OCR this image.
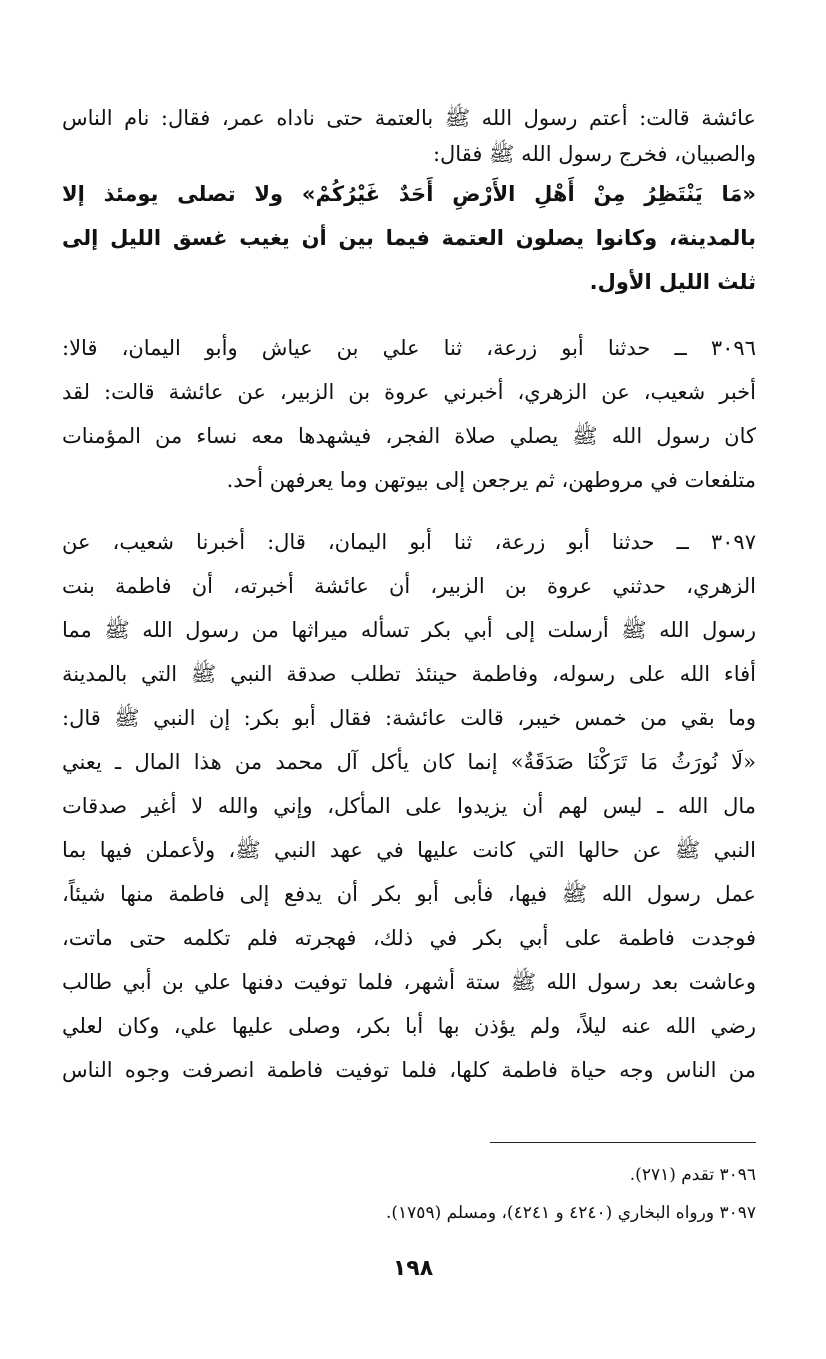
عائشة قالت: أعتم رسول الله ﷺ بالعتمة حتى ناداه عمر، فقال: نام الناس
والصبيان، فخرج رسول الله ﷺ فقال:
«مَا يَنْتَظِرُ مِنْ أَهْلِ الأَرْضِ أَحَدٌ غَيْرُكُمْ» ولا تصلى يومئذ إلا
بالمدينة، وكانوا يصلون العتمة فيما بين أن يغيب غسق الليل إلى
ثلث الليل الأول.
٣٠٩٦ ــ حدثنا أبو زرعة، ثنا علي بن عياش وأبو اليمان، قالا:
أخبر شعيب، عن الزهري، أخبرني عروة بن الزبير، عن عائشة قالت: لقد
كان رسول الله ﷺ يصلي صلاة الفجر، فيشهدها معه نساء من المؤمنات
متلفعات في مروطهن، ثم يرجعن إلى بيوتهن وما يعرفهن أحد.
٣٠٩٧ ــ حدثنا أبو زرعة، ثنا أبو اليمان، قال: أخبرنا شعيب، عن
الزهري، حدثني عروة بن الزبير، أن عائشة أخبرته، أن فاطمة بنت
رسول الله ﷺ أرسلت إلى أبي بكر تسأله ميراثها من رسول الله ﷺ مما
أفاء الله على رسوله، وفاطمة حينئذ تطلب صدقة النبي ﷺ التي بالمدينة
وما بقي من خمس خيبر، قالت عائشة: فقال أبو بكر: إن النبي ﷺ قال:
«لَا نُورَثُ مَا تَرَكْنَا صَدَقَةٌ» إنما كان يأكل آل محمد من هذا المال ـ يعني
مال الله ـ ليس لهم أن يزيدوا على المأكل، وإني والله لا أغير صدقات
النبي ﷺ عن حالها التي كانت عليها في عهد النبي ﷺ، ولأعملن فيها بما
عمل رسول الله ﷺ فيها، فأبى أبو بكر أن يدفع إلى فاطمة منها شيئاً،
فوجدت فاطمة على أبي بكر في ذلك، فهجرته فلم تكلمه حتى ماتت،
وعاشت بعد رسول الله ﷺ ستة أشهر، فلما توفيت دفنها علي بن أبي طالب
رضي الله عنه ليلاً، ولم يؤذن بها أبا بكر، وصلى عليها علي، وكان لعلي
من الناس وجه حياة فاطمة كلها، فلما توفيت فاطمة انصرفت وجوه الناس
٣٠٩٦ تقدم (٢٧١).
٣٠٩٧ ورواه البخاري (٤٢٤٠ و ٤٢٤١)، ومسلم (١٧٥٩).
١٩٨
